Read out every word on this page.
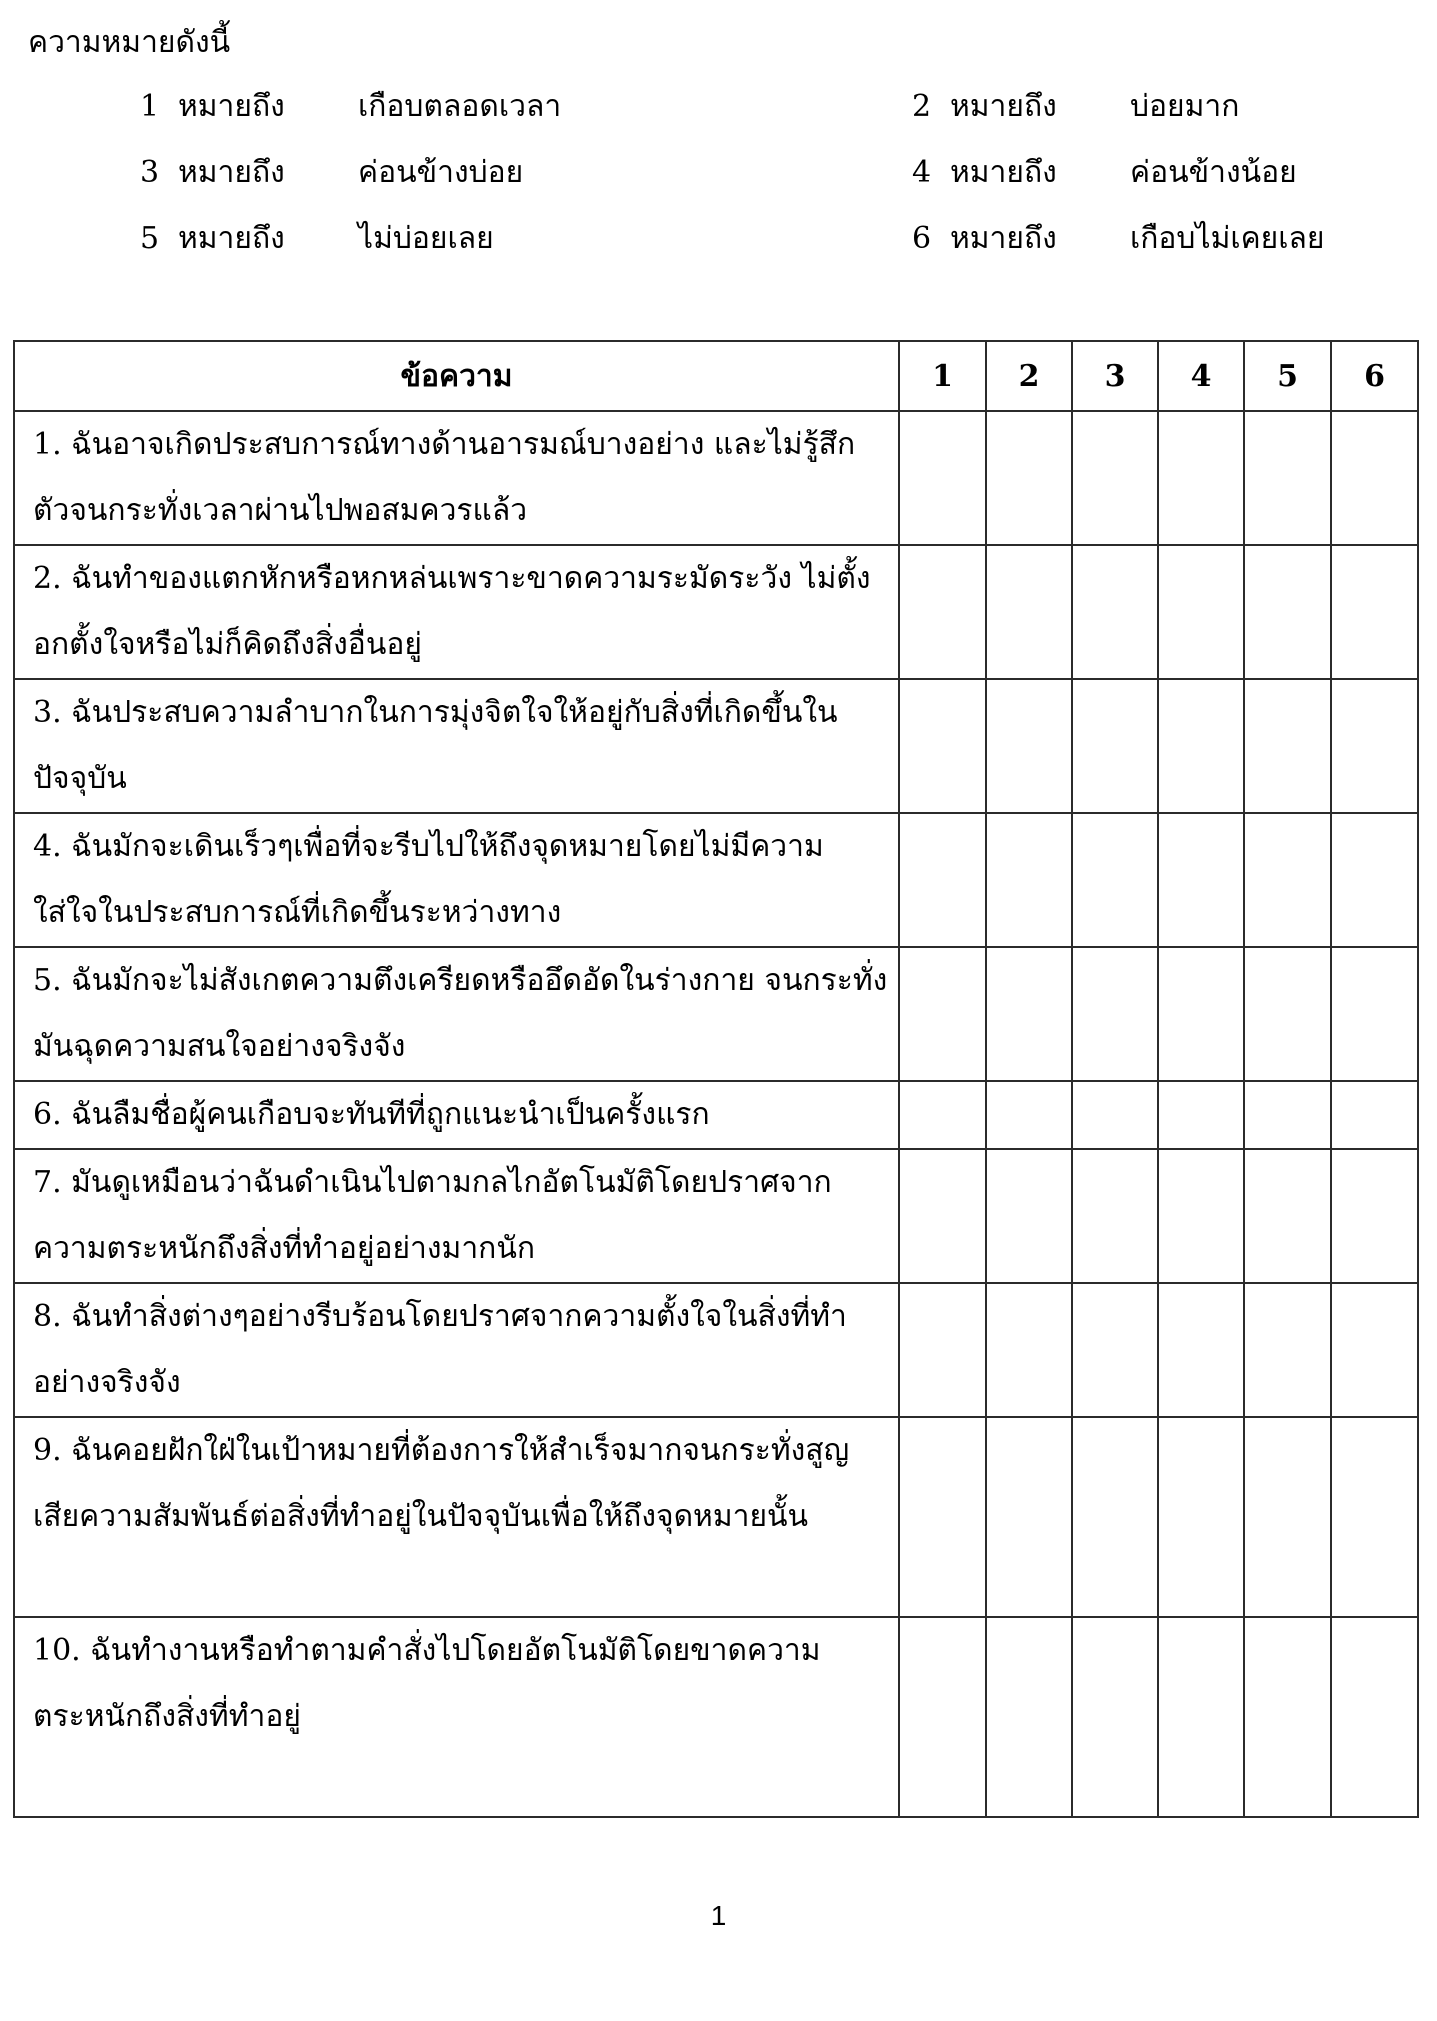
ความหมายดังนี้
1 หมายถึง เกือบตลอดเวลา	2 หมายถึง บ่อยมาก
3 หมายถึง ค่อนข้างบ่อย	4 หมายถึง ค่อนข้างน้อย
5 หมายถึง ไม่บ่อยเลย	6 หมายถึง เกือบไม่เคยเลย
ข้อความ	1	2	3	4	5	6
1. ฉันอาจเกิดประสบการณ์ทางด้านอารมณ์บางอย่าง และไม่รู้สึกตัวจนกระทั่งเวลาผ่านไปพอสมควรแล้ว						
2. ฉันทำของแตกหักหรือหกหล่นเพราะขาดความระมัดระวัง ไม่ตั้งอกตั้งใจหรือไม่ก็คิดถึงสิ่งอื่นอยู่						
3. ฉันประสบความลำบากในการมุ่งจิตใจให้อยู่กับสิ่งที่เกิดขึ้นในปัจจุบัน						
4. ฉันมักจะเดินเร็วๆเพื่อที่จะรีบไปให้ถึงจุดหมายโดยไม่มีความใส่ใจในประสบการณ์ที่เกิดขึ้นระหว่างทาง						
5. ฉันมักจะไม่สังเกตความตึงเครียดหรืออึดอัดในร่างกาย จนกระทั่งมันฉุดความสนใจอย่างจริงจัง						
6. ฉันลืมชื่อผู้คนเกือบจะทันทีที่ถูกแนะนำเป็นครั้งแรก						
7. มันดูเหมือนว่าฉันดำเนินไปตามกลไกอัตโนมัติโดยปราศจากความตระหนักถึงสิ่งที่ทำอยู่อย่างมากนัก						
8. ฉันทำสิ่งต่างๆอย่างรีบร้อนโดยปราศจากความตั้งใจในสิ่งที่ทำอย่างจริงจัง						
9. ฉันคอยฝักใฝ่ในเป้าหมายที่ต้องการให้สำเร็จมากจนกระทั่งสูญเสียความสัมพันธ์ต่อสิ่งที่ทำอยู่ในปัจจุบันเพื่อให้ถึงจุดหมายนั้น						
10. ฉันทำงานหรือทำตามคำสั่งไปโดยอัตโนมัติโดยขาดความตระหนักถึงสิ่งที่ทำอยู่						
1
